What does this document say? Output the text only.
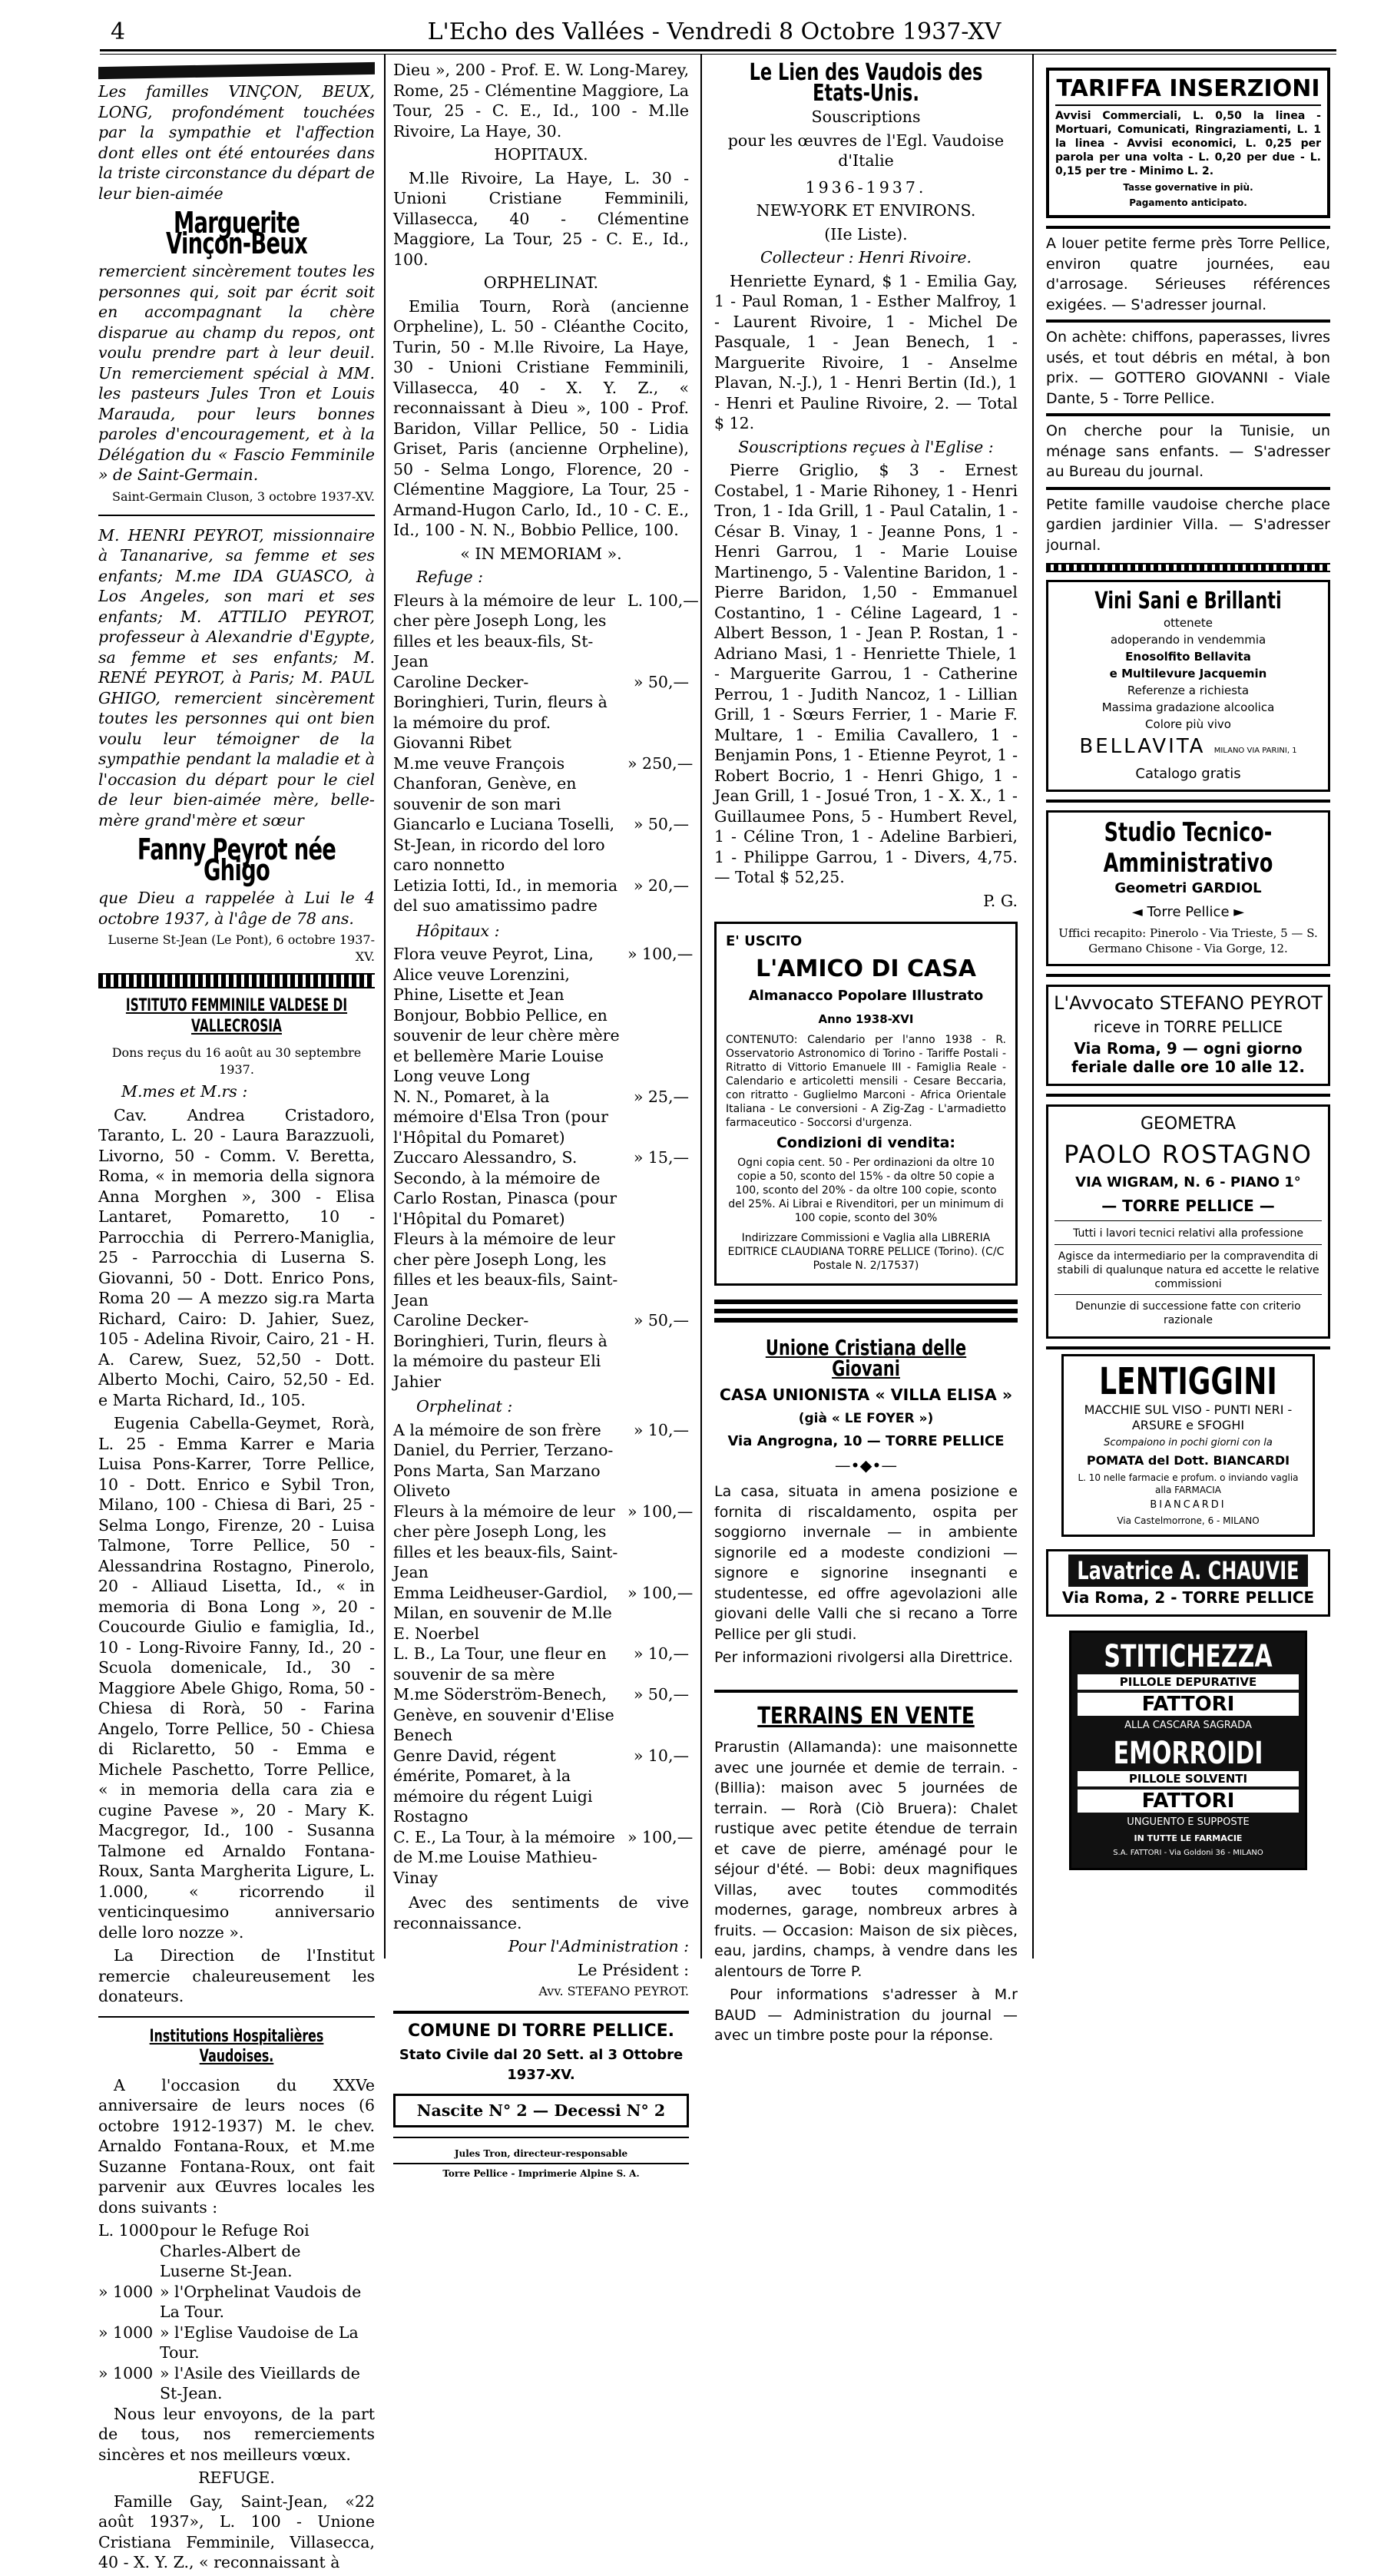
4	L'Echo des Vallées - Vendredi 8 Octobre 1937-XV

Les familles VINÇON, BEUX, LONG, profondément touchées par la sympathie et l'affection dont elles ont été entourées dans la triste circonstance du départ de leur bien-aimée

Marguerite Vinçon-Beux

remercient sincèrement toutes les personnes qui, soit par écrit soit en accompagnant la chère disparue au champ du repos, ont voulu prendre part à leur deuil. Un remerciement spécial à MM. les pasteurs Jules Tron et Louis Marauda, pour leurs bonnes paroles d'encouragement, et à la Délégation du « Fascio Femminile » de Saint-Germain.

Saint-Germain Cluson, 3 octobre 1937-XV.

M. HENRI PEYROT, missionnaire à Tananarive, sa femme et ses enfants; M.me IDA GUASCO, à Los Angeles, son mari et ses enfants; M. ATTILIO PEYROT, professeur à Alexandrie d'Egypte, sa femme et ses enfants; M. RENÉ PEYROT, à Paris; M. PAUL GHIGO, remercient sincèrement toutes les personnes qui ont bien voulu leur témoigner de la sympathie pendant la maladie et à l'occasion du départ pour le ciel de leur bien-aimée mère, belle-mère grand'mère et sœur

Fanny Peyrot née Ghigo

que Dieu a rappelée à Lui le 4 octobre 1937, à l'âge de 78 ans.

Luserne St-Jean (Le Pont), 6 octobre 1937-XV.

ISTITUTO FEMMINILE VALDESE DI VALLECROSIA

Dons reçus du 16 août au 30 septembre 1937.

M.mes et M.rs :

Cav. Andrea Cristadoro, Taranto, L. 20 - Laura Barazzuoli, Livorno, 50 - Comm. V. Beretta, Roma, « in memoria della signora Anna Morghen », 300 - Elisa Lantaret, Pomaretto, 10 - Parrocchia di Perrero-Maniglia, 25 - Parrocchia di Luserna S. Giovanni, 50 - Dott. Enrico Pons, Roma 20 — A mezzo sig.ra Marta Richard, Cairo: D. Jahier, Suez, 105 - Adelina Rivoir, Cairo, 21 - H. A. Carew, Suez, 52,50 - Dott. Alberto Mochi, Cairo, 52,50 - Ed. e Marta Richard, Id., 105.

Eugenia Cabella-Geymet, Rorà, L. 25 - Emma Karrer e Maria Luisa Pons-Karrer, Torre Pellice, 10 - Dott. Enrico e Sybil Tron, Milano, 100 - Chiesa di Bari, 25 - Selma Longo, Firenze, 20 - Luisa Talmone, Torre Pellice, 50 - Alessandrina Rostagno, Pinerolo, 20 - Alliaud Lisetta, Id., « in memoria di Bona Long », 20 - Coucourde Giulio e famiglia, Id., 10 - Long-Rivoire Fanny, Id., 20 - Scuola domenicale, Id., 30 - Maggiore Abele Ghigo, Roma, 50 - Chiesa di Rorà, 50 - Farina Angelo, Torre Pellice, 50 - Chiesa di Riclaretto, 50 - Emma e Michele Paschetto, Torre Pellice, « in memoria della cara zia e cugine Pavese », 20 - Mary K. Macgregor, Id., 100 - Susanna Talmone ed Arnaldo Fontana-Roux, Santa Margherita Ligure, L. 1.000, « ricorrendo il venticinquesimo anniversario delle loro nozze ».

La Direction de l'Institut remercie chaleureusement les donateurs.

Institutions Hospitalières Vaudoises.

A l'occasion du XXVe anniversaire de leurs noces (6 octobre 1912-1937) M. le chev. Arnaldo Fontana-Roux, et M.me Suzanne Fontana-Roux, ont fait parvenir aux Œuvres locales les dons suivants :

L. 1000 pour le Refuge Roi Charles-Albert de Luserne St-Jean.
» 1000 » l'Orphelinat Vaudois de La Tour.
» 1000 » l'Eglise Vaudoise de La Tour.
» 1000 » l'Asile des Vieillards de St-Jean.

Nous leur envoyons, de la part de tous, nos remerciements sincères et nos meilleurs vœux.

REFUGE.

Famille Gay, Saint-Jean, «22 août 1937», L. 100 - Unione Cristiana Femminile, Villasecca, 40 - X. Y. Z., « reconnaissant à

Dieu », 200 - Prof. E. W. Long-Marey, Rome, 25 - Clémentine Maggiore, La Tour, 25 - C. E., Id., 100 - M.lle Rivoire, La Haye, 30.

HOPITAUX.

M.lle Rivoire, La Haye, L. 30 - Unioni Cristiane Femminili, Villasecca, 40 - Clémentine Maggiore, La Tour, 25 - C. E., Id., 100.

ORPHELINAT.

Emilia Tourn, Rorà (ancienne Orpheline), L. 50 - Cléanthe Cocito, Turin, 50 - M.lle Rivoire, La Haye, 30 - Unioni Cristiane Femminili, Villasecca, 40 - X. Y. Z., « reconnaissant à Dieu », 100 - Prof. Baridon, Villar Pellice, 50 - Lidia Griset, Paris (ancienne Orpheline), 50 - Selma Longo, Florence, 20 - Clémentine Maggiore, La Tour, 25 - Armand-Hugon Carlo, Id., 10 - C. E., Id., 100 - N. N., Bobbio Pellice, 100.

« IN MEMORIAM ».

Refuge :

Fleurs à la mémoire de leur cher père Joseph Long, les filles et les beaux-fils, St-Jean
L. 100,—
Caroline Decker-Boringhieri, Turin, fleurs à la mémoire du prof. Giovanni Ribet
» 50,—
M.me veuve François Chanforan, Genève, en souvenir de son mari
» 250,—
Giancarlo e Luciana Toselli, St-Jean, in ricordo del loro caro nonnetto
» 50,—
Letizia Iotti, Id., in memoria del suo amatissimo padre
» 20,—

Hôpitaux :

Flora veuve Peyrot, Lina, Alice veuve Lorenzini, Phine, Lisette et Jean Bonjour, Bobbio Pellice, en souvenir de leur chère mère et bellemère Marie Louise Long veuve Long
» 100,—
N. N., Pomaret, à la mémoire d'Elsa Tron (pour l'Hôpital du Pomaret)
» 25,—
Zuccaro Alessandro, S. Secondo, à la mémoire de Carlo Rostan, Pinasca (pour l'Hôpital du Pomaret)
» 15,—
Fleurs à la mémoire de leur cher père Joseph Long, les filles et les beaux-fils, Saint-Jean
Caroline Decker-Boringhieri, Turin, fleurs à la mémoire du pasteur Eli Jahier
» 50,—

Orphelinat :

A la mémoire de son frère Daniel, du Perrier, Terzano-Pons Marta, San Marzano Oliveto
» 10,—
Fleurs à la mémoire de leur cher père Joseph Long, les filles et les beaux-fils, Saint-Jean
» 100,—
Emma Leidheuser-Gardiol, Milan, en souvenir de M.lle E. Noerbel
» 100,—
L. B., La Tour, une fleur en souvenir de sa mère
» 10,—
M.me Söderström-Benech, Genève, en souvenir d'Elise Benech
» 50,—
Genre David, régent émérite, Pomaret, à la mémoire du régent Luigi Rostagno
» 10,—
C. E., La Tour, à la mémoire de M.me Louise Mathieu-Vinay
» 100,—

Avec des sentiments de vive reconnaissance.

Pour l'Administration :

Le Président :

Avv. STEFANO PEYROT.

COMUNE DI TORRE PELLICE.

Stato Civile dal 20 Sett. al 3 Ottobre 1937-XV.

Nascite N° 2 — Decessi N° 2

Jules Tron, directeur-responsable

Torre Pellice - Imprimerie Alpine S. A.

Le Lien des Vaudois des Etats-Unis.

Souscriptions

pour les œuvres de l'Egl. Vaudoise d'Italie

1936-1937.

NEW-YORK ET ENVIRONS.

(IIe Liste).

Collecteur : Henri Rivoire.

Henriette Eynard, $ 1 - Emilia Gay, 1 - Paul Roman, 1 - Esther Malfroy, 1 - Laurent Rivoire, 1 - Michel De Pasquale, 1 - Jean Benech, 1 - Marguerite Rivoire, 1 - Anselme Plavan, N.-J.), 1 - Henri Bertin (Id.), 1 - Henri et Pauline Rivoire, 2. — Total $ 12.

Souscriptions reçues à l'Eglise :

Pierre Griglio, $ 3 - Ernest Costabel, 1 - Marie Rihoney, 1 - Henri Tron, 1 - Ida Grill, 1 - Paul Catalin, 1 - César B. Vinay, 1 - Jeanne Pons, 1 - Henri Garrou, 1 - Marie Louise Martinengo, 5 - Valentine Baridon, 1 - Pierre Baridon, 1,50 - Emmanuel Costantino, 1 - Céline Lageard, 1 - Albert Besson, 1 - Jean P. Rostan, 1 - Adriano Masi, 1 - Henriette Thiele, 1 - Marguerite Garrou, 1 - Catherine Perrou, 1 - Judith Nancoz, 1 - Lillian Grill, 1 - Sœurs Ferrier, 1 - Marie F. Multare, 1 - Emilia Cavallero, 1 - Benjamin Pons, 1 - Etienne Peyrot, 1 - Robert Bocrio, 1 - Henri Ghigo, 1 - Jean Grill, 1 - Josué Tron, 1 - X. X., 1 - Guillaumee Pons, 5 - Humbert Revel, 1 - Céline Tron, 1 - Adeline Barbieri, 1 - Philippe Garrou, 1 - Divers, 4,75. — Total $ 52,25.

P. G.

E' USCITO

L'AMICO DI CASA

Almanacco Popolare Illustrato

Anno 1938-XVI

CONTENUTO: Calendario per l'anno 1938 - R. Osservatorio Astronomico di Torino - Tariffe Postali - Ritratto di Vittorio Emanuele III - Famiglia Reale - Calendario e articoletti mensili - Cesare Beccaria, con ritratto - Guglielmo Marconi - Africa Orientale Italiana - Le conversioni - A Zig-Zag - L'armadietto farmaceutico - Soccorsi d'urgenza.

Condizioni di vendita:

Ogni copia cent. 50 - Per ordinazioni da oltre 10 copie a 50, sconto del 15% - da oltre 50 copie a 100, sconto del 20% - da oltre 100 copie, sconto del 25%. Ai Librai e Rivenditori, per un minimum di 100 copie, sconto del 30%

Indirizzare Commissioni e Vaglia alla LIBRERIA EDITRICE CLAUDIANA TORRE PELLICE (Torino). (C/C Postale N. 2/17537)

Unione Cristiana delle Giovani

CASA UNIONISTA « VILLA ELISA »

(già « LE FOYER »)

Via Angrogna, 10 — TORRE PELLICE

—•◆•—

La casa, situata in amena posizione e fornita di riscaldamento, ospita per soggiorno invernale — in ambiente signorile ed a modeste condizioni — signore e signorine insegnanti e studentesse, ed offre agevolazioni alle giovani delle Valli che si recano a Torre Pellice per gli studi.

Per informazioni rivolgersi alla Direttrice.

TERRAINS EN VENTE

Prarustin (Allamanda): une maisonnette avec une journée et demie de terrain. - (Billia): maison avec 5 journées de terrain. — Rorà (Ciò Bruera): Chalet rustique avec petite étendue de terrain et cave de pierre, aménagé pour le séjour d'été. — Bobi: deux magnifiques Villas, avec toutes commodités modernes, garage, nombreux arbres à fruits. — Occasion: Maison de six pièces, eau, jardins, champs, à vendre dans les alentours de Torre P.

Pour informations s'adresser à M.r BAUD — Administration du journal — avec un timbre poste pour la réponse.

TARIFFA INSERZIONI

Avvisi Commerciali, L. 0,50 la linea - Mortuari, Comunicati, Ringraziamenti, L. 1 la linea - Avvisi economici, L. 0,25 per parola per una volta - L. 0,20 per due - L. 0,15 per tre - Minimo L. 2.

Tasse governative in più.

Pagamento anticipato.

A louer petite ferme près Torre Pellice, environ quatre journées, eau d'arrosage. Sérieuses références exigées. — S'adresser journal.

On achète: chiffons, paperasses, livres usés, et tout débris en métal, à bon prix. — GOTTERO GIOVANNI - Viale Dante, 5 - Torre Pellice.

On cherche pour la Tunisie, un ménage sans enfants. — S'adresser au Bureau du journal.

Petite famille vaudoise cherche place gardien jardinier Villa. — S'adresser journal.

Vini Sani e Brillanti

ottenete

adoperando in vendemmia

Enosolfito Bellavita

e Multilevure Jacquemin

Referenze a richiesta

Massima gradazione alcoolica

Colore più vivo

BELLAVITA MILANO VIA PARINI, 1

Catalogo gratis

Studio Tecnico-Amministrativo

Geometri GARDIOL

◄ Torre Pellice ►

Uffici recapito: Pinerolo - Via Trieste, 5 — S. Germano Chisone - Via Gorge, 12.

L'Avvocato STEFANO PEYROT

riceve in TORRE PELLICE

Via Roma, 9 — ogni giorno feriale dalle ore 10 alle 12.

GEOMETRA

PAOLO ROSTAGNO

VIA WIGRAM, N. 6 - PIANO 1°

— TORRE PELLICE —

Tutti i lavori tecnici relativi alla professione

Agisce da intermediario per la compravendita di stabili di qualunque natura ed accette le relative commissioni

Denunzie di successione fatte con criterio razionale

LENTIGGINI

MACCHIE SUL VISO - PUNTI NERI - ARSURE e SFOGHI

Scompaiono in pochi giorni con la

POMATA del Dott. BIANCARDI

L. 10 nelle farmacie e profum. o inviando vaglia alla FARMACIA

BIANCARDI

Via Castelmorrone, 6 - MILANO

Lavatrice A. CHAUVIE

Via Roma, 2 - TORRE PELLICE

STITICHEZZA

PILLOLE DEPURATIVE

FATTORI

ALLA CASCARA SAGRADA

EMORROIDI

PILLOLE SOLVENTI

FATTORI

UNGUENTO E SUPPOSTE

IN TUTTE LE FARMACIE

S.A. FATTORI - Via Goldoni 36 - MILANO
